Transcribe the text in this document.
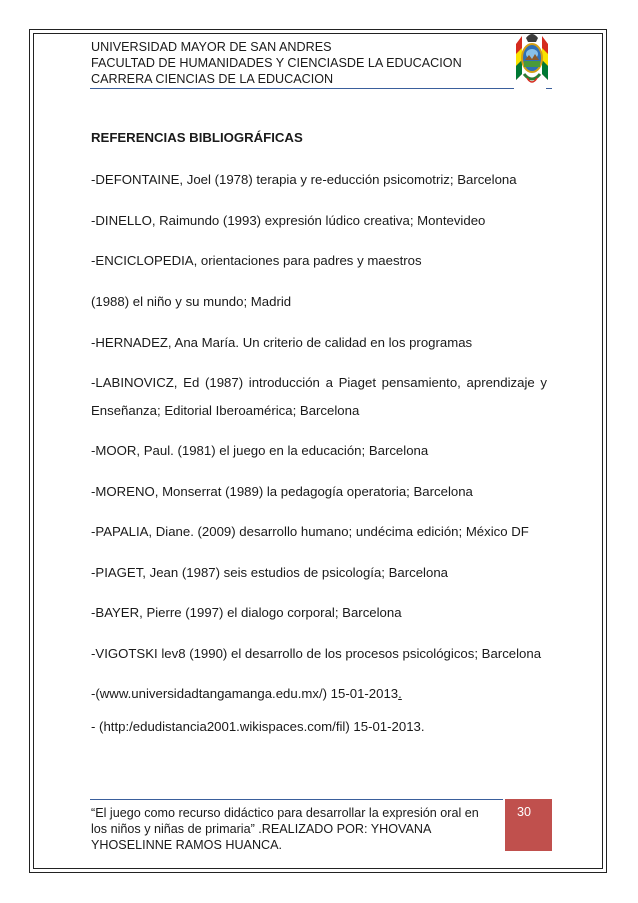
UNIVERSIDAD MAYOR DE SAN ANDRES
FACULTAD DE HUMANIDADES Y CIENCIASDE LA EDUCACION
CARRERA CIENCIAS DE LA EDUCACION
REFERENCIAS BIBLIOGRÁFICAS
-DEFONTAINE, Joel (1978) terapia y re-educción psicomotriz; Barcelona
-DINELLO, Raimundo (1993) expresión lúdico creativa; Montevideo
-ENCICLOPEDIA, orientaciones para padres y maestros
(1988) el niño y su mundo; Madrid
-HERNADEZ, Ana María. Un criterio de calidad en los programas
-LABINOVICZ, Ed (1987) introducción a Piaget pensamiento, aprendizaje y
Enseñanza; Editorial Iberoamérica; Barcelona
-MOOR, Paul. (1981) el juego en la educación; Barcelona
-MORENO, Monserrat (1989) la pedagogía operatoria; Barcelona
-PAPALIA, Diane. (2009) desarrollo humano; undécima edición; México DF
-PIAGET, Jean (1987) seis estudios de psicología; Barcelona
-BAYER, Pierre (1997) el dialogo corporal; Barcelona
-VIGOTSKI lev8 (1990) el desarrollo de los procesos psicológicos; Barcelona
-(www.universidadtangamanga.edu.mx/) 15-01-2013.
- (http:/edudistancia2001.wikispaces.com/fil) 15-01-2013.
“El juego como recurso didáctico para desarrollar la expresión oral en los niños y niñas de primaria” .REALIZADO POR: YHOVANA YHOSELINNE RAMOS HUANCA.
30
